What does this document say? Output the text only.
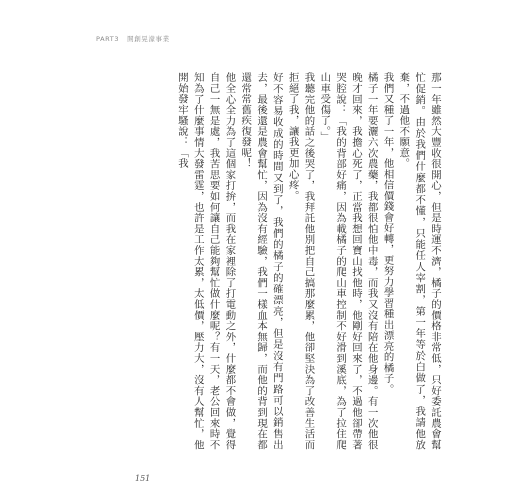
PART3 開創晃濛事業

那一年雖然大豐收很開心，但是時運不濟，橘子的價格非常低，只好委託農會幫忙促銷。由於我們什麼都不懂，只能任人宰割，第一年等於白做了，我請他放棄，不過他不願意。

我們又種了一年，他相信價錢會好轉，更努力學習種出漂亮的橘子。

橘子一年要灑六次農藥，我都很怕他中毒，而我又沒有陪在他身邊。有一次他很晚才回來，我擔心死了，正當我想回寶山找他時，他剛好回來了，不過他卻帶著哭腔說：「我的背部好痛，因為載橘子的爬山車控制不好滑到溪底，為了拉住爬山車受傷了。」

我聽完他的話之後哭了，我拜託他別把自己搞那麼累，他卻堅決為了改善生活而拒絕了我，讓我更加心疼。

好不容易收成的時間又到了，我們的橘子的確漂亮，但是沒有門路可以銷售出去，最後還是農會幫忙，因為沒有經驗，我們一樣血本無歸，而他的背到現在都還常常舊疾復發呢！

他全心全力為了這個家打拚，而我在家裡除了打電動之外，什麼都不會做，覺得自己一無是處，我苦思要如何讓自己能夠幫忙做什麼呢？有一天，老公回來時不知為了什麼事情大發雷霆，也許是工作太累，太低價，壓力大，沒有人幫忙，他開始發牢騷說：「我

151
